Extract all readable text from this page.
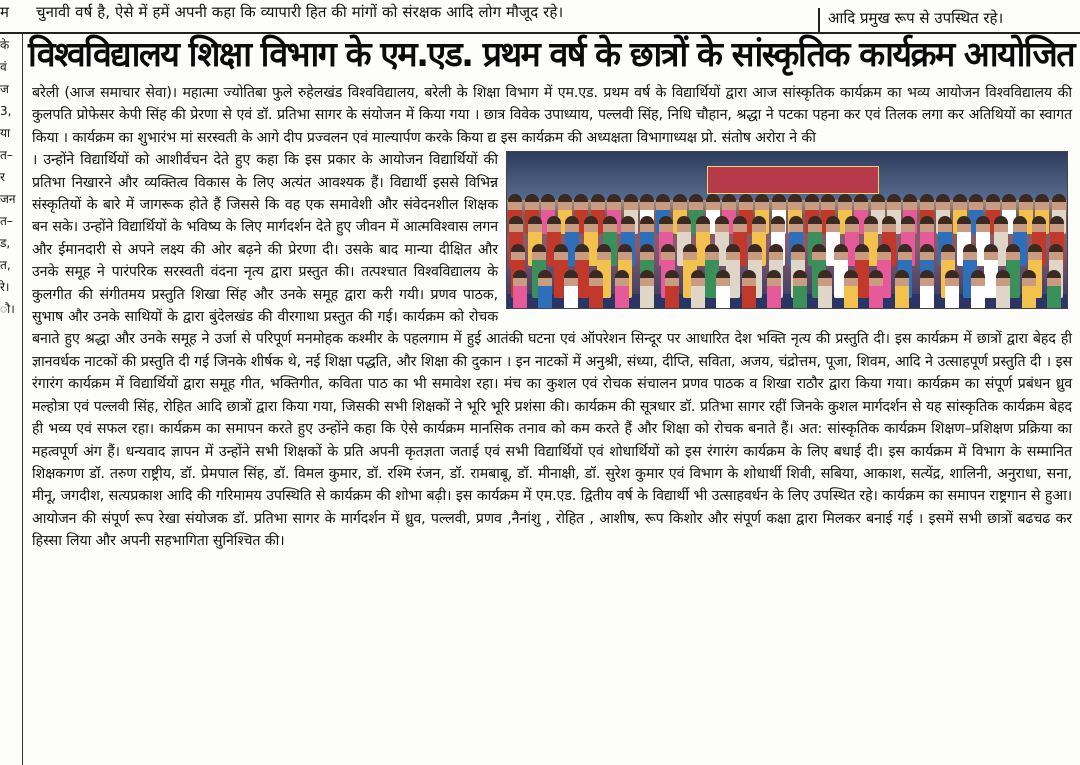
म चुनावी वर्ष है, ऐसे में हमें अपनी कहा कि व्यापारी हित की मांगों को संरक्षक आदि लोग मौजूद रहे।	आदि प्रमुख रूप से उपस्थित रहे।
के
वं
ज
3,
या
त–
र
जन
त–
ड,
त,
रे।
ौ।
विश्वविद्यालय शिक्षा विभाग के एम.एड. प्रथम वर्ष के छात्रों के सांस्कृतिक कार्यक्रम आयोजित

बरेली (आज समाचार सेवा)। महात्मा ज्योतिबा फुले रुहेलखंड विश्वविद्यालय, बरेली के शिक्षा विभाग में एम.एड. प्रथम वर्ष के विद्यार्थियों द्वारा आज सांस्कृतिक कार्यक्रम का भव्य आयोजन विश्वविद्यालय की कुलपति प्रोफेसर केपी सिंह की प्रेरणा से एवं डॉ. प्रतिभा सागर के संयोजन में किया गया । छात्र विवेक उपाध्याय, पल्लवी सिंह, निधि चौहान, श्रद्धा ने पटका पहना कर एवं तिलक लगा कर अतिथियों का स्वागत किया । कार्यक्रम का शुभारंभ मां सरस्वती के आगे दीप प्रज्वलन एवं माल्यार्पण करके किया द्य इस कार्यक्रम की अध्यक्षता विभागाध्यक्ष प्रो. संतोष अरोरा ने की

। उन्होंने विद्यार्थियों को आशीर्वचन देते हुए कहा कि इस प्रकार के आयोजन विद्यार्थियों की प्रतिभा निखारने और व्यक्तित्व विकास के लिए अत्यंत आवश्यक हैं। विद्यार्थी इससे विभिन्न संस्कृतियों के बारे में जागरूक होते हैं जिससे कि वह एक समावेशी और संवेदनशील शिक्षक बन सके। उन्होंने विद्यार्थियों के भविष्य के लिए मार्गदर्शन देते हुए जीवन में आत्मविश्वास लगन और ईमानदारी से अपने लक्ष्य की ओर बढ़ने की प्रेरणा दी। उसके बाद मान्या दीक्षित और उनके समूह ने पारंपरिक सरस्वती वंदना नृत्य द्वारा प्रस्तुत की। तत्पश्चात विश्वविद्यालय के कुलगीत की संगीतमय प्रस्तुति शिखा सिंह और उनके समूह द्वारा करी गयी। प्रणव पाठक, सुभाष और उनके साथियों के द्वारा बुंदेलखंड की वीरगाथा प्रस्तुत की गई। कार्यक्रम को रोचक बनाते हुए श्रद्धा और उनके समूह ने उर्जा से परिपूर्ण मनमोहक कश्मीर के पहलगाम में हुई आतंकी घटना एवं ऑपरेशन सिन्दूर पर आधारित देश भक्ति नृत्य की प्रस्तुति दी। इस कार्यक्रम में छात्रों द्वारा बेहद ही ज्ञानवर्धक नाटकों की प्रस्तुति दी गई जिनके शीर्षक थे, नई शिक्षा पद्धति, और शिक्षा की दुकान । इन नाटकों में अनुश्री, संध्या, दीप्ति, सविता, अजय, चंद्रोत्तम, पूजा, शिवम, आदि ने उत्साहपूर्ण प्रस्तुति दी । इस रंगारंग कार्यक्रम में विद्यार्थियों द्वारा समूह गीत, भक्तिगीत, कविता पाठ का भी समावेश रहा। मंच का कुशल एवं रोचक संचालन प्रणव पाठक व शिखा राठौर द्वारा किया गया। कार्यक्रम का संपूर्ण प्रबंधन ध्रुव मल्होत्रा एवं पल्लवी सिंह, रोहित आदि छात्रों द्वारा किया गया, जिसकी सभी शिक्षकों ने भूरि भूरि प्रशंसा की। कार्यक्रम की सूत्रधार डॉ. प्रतिभा सागर रहीं जिनके कुशल मार्गदर्शन से यह सांस्कृतिक कार्यक्रम बेहद ही भव्य एवं सफल रहा। कार्यक्रम का समापन करते हुए उन्होंने कहा कि ऐसे कार्यक्रम मानसिक तनाव को कम करते हैं और शिक्षा को रोचक बनाते हैं। अत: सांस्कृतिक कार्यक्रम शिक्षण–प्रशिक्षण प्रक्रिया का महत्वपूर्ण अंग हैं। धन्यवाद ज्ञापन में उन्होंने सभी शिक्षकों के प्रति अपनी कृतज्ञता जताई एवं सभी विद्यार्थियों एवं शोधार्थियों को इस रंगारंग कार्यक्रम के लिए बधाई दी। इस कार्यक्रम में विभाग के सम्मानित शिक्षकगण डॉ. तरुण राष्ट्रीय, डॉ. प्रेमपाल सिंह, डॉ. विमल कुमार, डॉ. रश्मि रंजन, डॉ. रामबाबू, डॉ. मीनाक्षी, डॉ. सुरेश कुमार एवं विभाग के शोधार्थी शिवी, सबिया, आकाश, सत्येंद्र, शालिनी, अनुराधा, सना, मीनू, जगदीश, सत्यप्रकाश आदि की गरिमामय उपस्थिति से कार्यक्रम की शोभा बढ़ी। इस कार्यक्रम में एम.एड. द्वितीय वर्ष के विद्यार्थी भी उत्साहवर्धन के लिए उपस्थित रहे। कार्यक्रम का समापन राष्ट्रगान से हुआ। आयोजन की संपूर्ण रूप रेखा संयोजक डॉ. प्रतिभा सागर के मार्गदर्शन में ध्रुव, पल्लवी, प्रणव ,नैनांशु , रोहित , आशीष, रूप किशोर और संपूर्ण कक्षा द्वारा मिलकर बनाई गई । इसमें सभी छात्रों बढचढ कर हिस्सा लिया और अपनी सहभागिता सुनिश्चित की।
